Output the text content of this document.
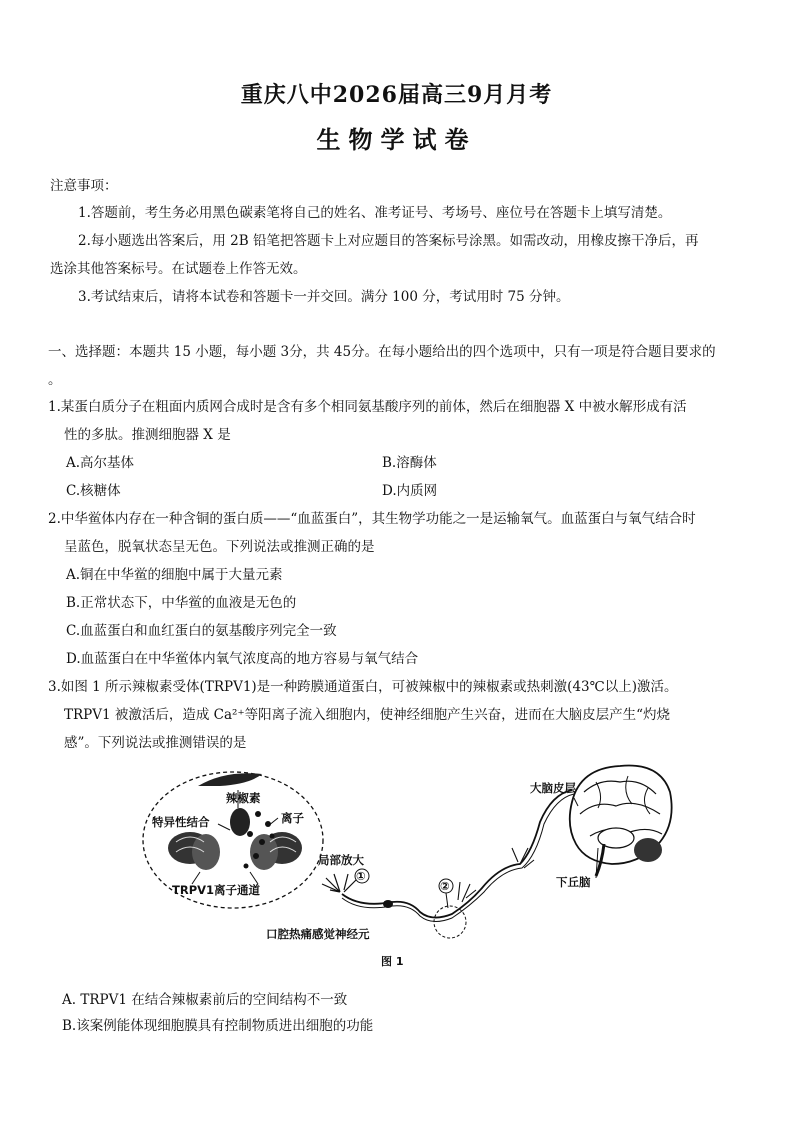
重庆八中2026届高三9月月考
生物学试卷
注意事项：
1.答题前，考生务必用黑色碳素笔将自己的姓名、准考证号、考场号、座位号在答题卡上填写清楚。
2.每小题选出答案后，用 2B 铅笔把答题卡上对应题目的答案标号涂黑。如需改动，用橡皮擦干净后，再
选涂其他答案标号。在试题卷上作答无效。
3.考试结束后，请将本试卷和答题卡一并交回。满分 100 分，考试用时 75 分钟。
一、选择题：本题共 15 小题，每小题 3分，共 45分。在每小题给出的四个选项中，只有一项是符合题目要求的
。
1.某蛋白质分子在粗面内质网合成时是含有多个相同氨基酸序列的前体，然后在细胞器 X 中被水解形成有活
性的多肽。推测细胞器 X 是
A.高尔基体	B.溶酶体
C.核糖体	D.内质网
2.中华鲎体内存在一种含铜的蛋白质——“血蓝蛋白”，其生物学功能之一是运输氧气。血蓝蛋白与氧气结合时
呈蓝色，脱氧状态呈无色。下列说法或推测正确的是
A.铜在中华鲎的细胞中属于大量元素
B.正常状态下，中华鲎的血液是无色的
C.血蓝蛋白和血红蛋白的氨基酸序列完全一致
D.血蓝蛋白在中华鲎体内氧气浓度高的地方容易与氧气结合
3.如图 1 所示辣椒素受体(TRPV1)是一种跨膜通道蛋白，可被辣椒中的辣椒素或热刺激(43℃以上)激活。
TRPV1 被激活后，造成 Ca²⁺等阳离子流入细胞内，使神经细胞产生兴奋，进而在大脑皮层产生“灼烧
感”。下列说法或推测错误的是
辣椒素
特异性结合	离子
TRPV1离子通道
局部放大
①
②
口腔热痛感觉神经元
大脑皮层
下丘脑
图 1
A. TRPV1 在结合辣椒素前后的空间结构不一致
B.该案例能体现细胞膜具有控制物质进出细胞的功能
